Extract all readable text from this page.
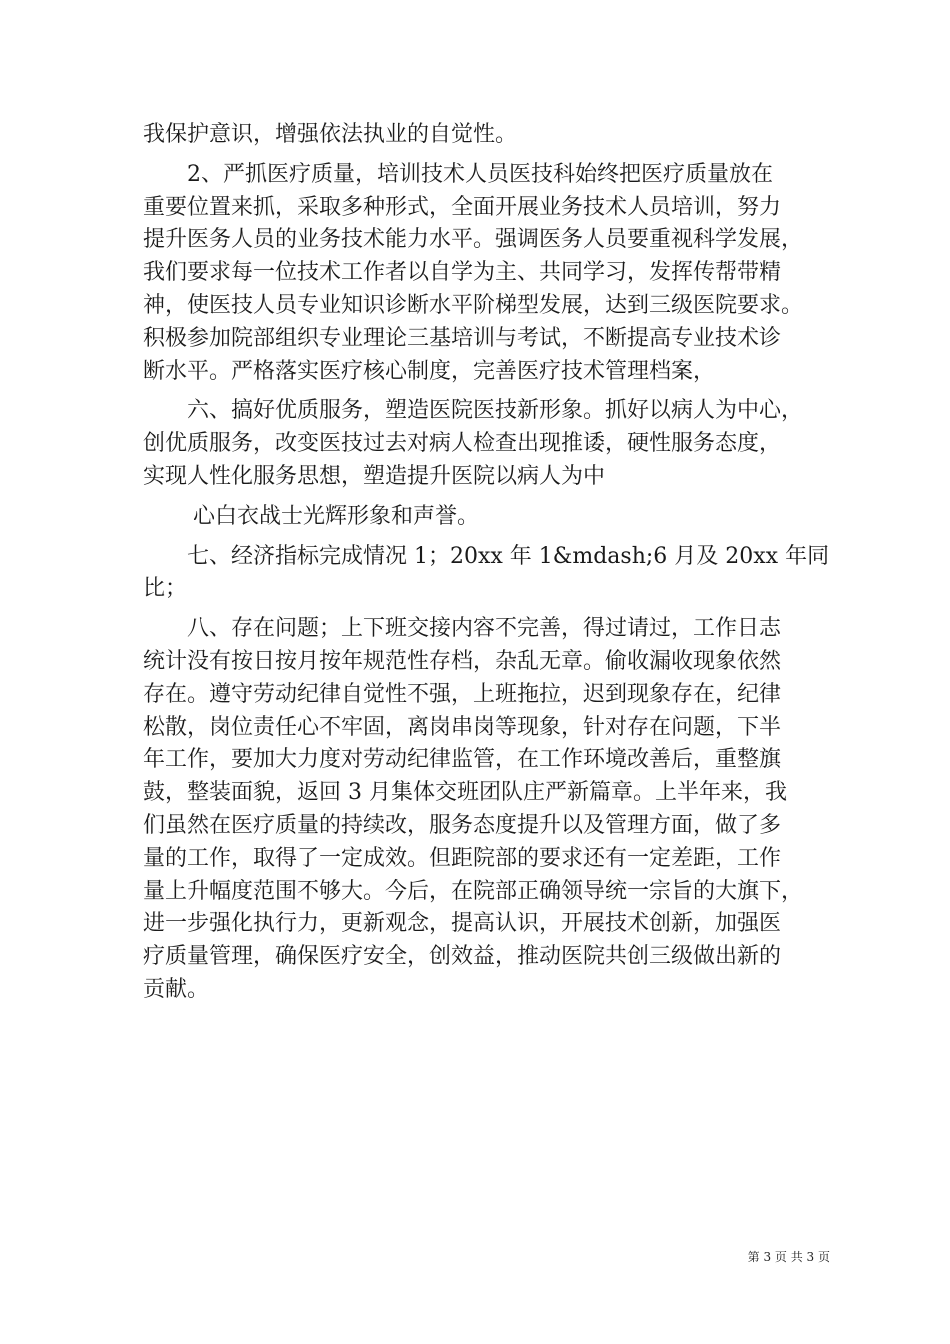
我保护意识，增强依法执业的自觉性。
2、严抓医疗质量，培训技术人员医技科始终把医疗质量放在
重要位置来抓，采取多种形式，全面开展业务技术人员培训，努力
提升医务人员的业务技术能力水平。强调医务人员要重视科学发展，
我们要求每一位技术工作者以自学为主、共同学习，发挥传帮带精
神，使医技人员专业知识诊断水平阶梯型发展，达到三级医院要求。
积极参加院部组织专业理论三基培训与考试，不断提高专业技术诊
断水平。严格落实医疗核心制度，完善医疗技术管理档案，
六、搞好优质服务，塑造医院医技新形象。抓好以病人为中心，
创优质服务，改变医技过去对病人检查出现推诿，硬性服务态度，
实现人性化服务思想，塑造提升医院以病人为中
心白衣战士光辉形象和声誉。
七、经济指标完成情况 1；20xx 年 1&mdash;6 月及 20xx 年同
比；
八、存在问题；上下班交接内容不完善，得过请过，工作日志
统计没有按日按月按年规范性存档，杂乱无章。偷收漏收现象依然
存在。遵守劳动纪律自觉性不强，上班拖拉，迟到现象存在，纪律
松散，岗位责任心不牢固，离岗串岗等现象，针对存在问题，下半
年工作，要加大力度对劳动纪律监管，在工作环境改善后，重整旗
鼓，整装面貌，返回 3 月集体交班团队庄严新篇章。上半年来，我
们虽然在医疗质量的持续改，服务态度提升以及管理方面，做了多
量的工作，取得了一定成效。但距院部的要求还有一定差距，工作
量上升幅度范围不够大。今后，在院部正确领导统一宗旨的大旗下，
进一步强化执行力，更新观念，提高认识，开展技术创新，加强医
疗质量管理，确保医疗安全，创效益，推动医院共创三级做出新的
贡献。
第 3 页 共 3 页
